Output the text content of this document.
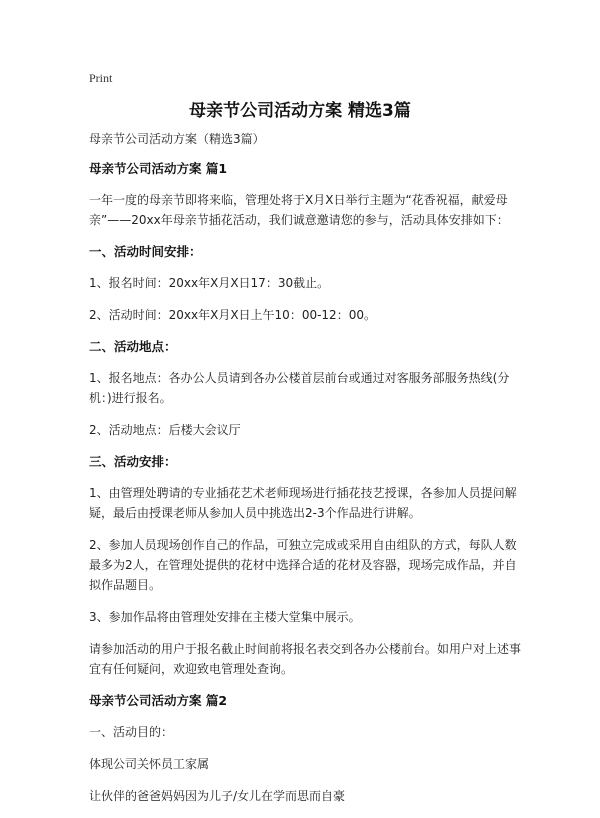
Print
母亲节公司活动方案 精选3篇

母亲节公司活动方案（精选3篇）

母亲节公司活动方案 篇1

一年一度的母亲节即将来临，管理处将于X月X日举行主题为“花香祝福，献爱母亲”——20xx年母亲节插花活动，我们诚意邀请您的参与，活动具体安排如下：

一、活动时间安排：

1、报名时间：20xx年X月X日17：30截止。

2、活动时间：20xx年X月X日上午10：00-12：00。

二、活动地点：

1、报名地点：各办公人员请到各办公楼首层前台或通过对客服务部服务热线(分机：)进行报名。

2、活动地点：后楼大会议厅

三、活动安排：

1、由管理处聘请的专业插花艺术老师现场进行插花技艺授课，各参加人员提问解疑，最后由授课老师从参加人员中挑选出2-3个作品进行讲解。

2、参加人员现场创作自己的作品，可独立完成或采用自由组队的方式，每队人数最多为2人，在管理处提供的花材中选择合适的花材及容器，现场完成作品，并自拟作品题目。

3、参加作品将由管理处安排在主楼大堂集中展示。

请参加活动的用户于报名截止时间前将报名表交到各办公楼前台。如用户对上述事宜有任何疑问，欢迎致电管理处查询。

母亲节公司活动方案 篇2

一、活动目的：

体现公司关怀员工家属

让伙伴的爸爸妈妈因为儿子/女儿在学而思而自豪
